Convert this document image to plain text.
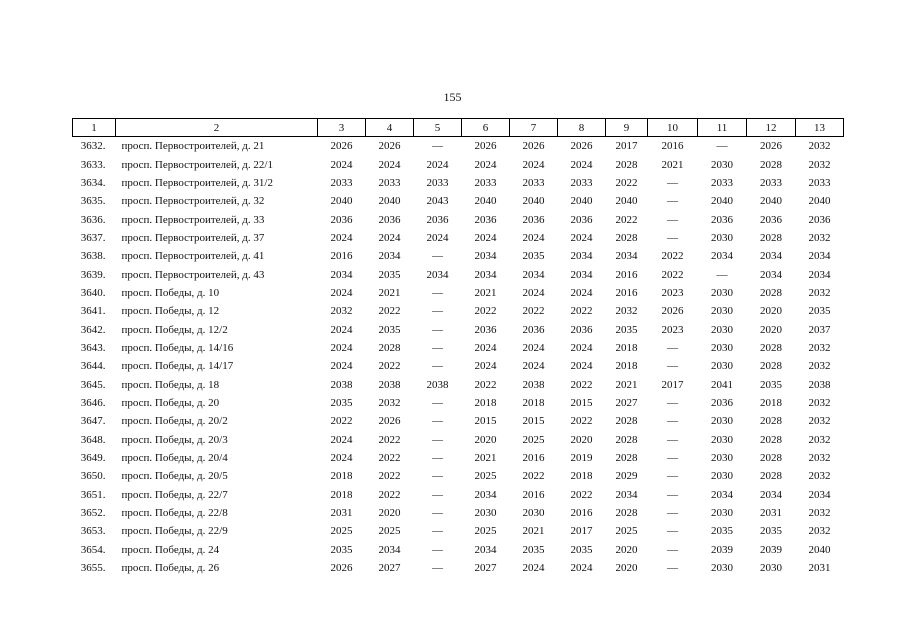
155
1	2	3	4	5	6	7	8	9	10	11	12	13
3632.	просп. Первостроителей, д. 21	2026	2026	—	2026	2026	2026	2017	2016	—	2026	2032
3633.	просп. Первостроителей, д. 22/1	2024	2024	2024	2024	2024	2024	2028	2021	2030	2028	2032
3634.	просп. Первостроителей, д. 31/2	2033	2033	2033	2033	2033	2033	2022	—	2033	2033	2033
3635.	просп. Первостроителей, д. 32	2040	2040	2043	2040	2040	2040	2040	—	2040	2040	2040
3636.	просп. Первостроителей, д. 33	2036	2036	2036	2036	2036	2036	2022	—	2036	2036	2036
3637.	просп. Первостроителей, д. 37	2024	2024	2024	2024	2024	2024	2028	—	2030	2028	2032
3638.	просп. Первостроителей, д. 41	2016	2034	—	2034	2035	2034	2034	2022	2034	2034	2034
3639.	просп. Первостроителей, д. 43	2034	2035	2034	2034	2034	2034	2016	2022	—	2034	2034
3640.	просп. Победы, д. 10	2024	2021	—	2021	2024	2024	2016	2023	2030	2028	2032
3641.	просп. Победы, д. 12	2032	2022	—	2022	2022	2022	2032	2026	2030	2020	2035
3642.	просп. Победы, д. 12/2	2024	2035	—	2036	2036	2036	2035	2023	2030	2020	2037
3643.	просп. Победы, д. 14/16	2024	2028	—	2024	2024	2024	2018	—	2030	2028	2032
3644.	просп. Победы, д. 14/17	2024	2022	—	2024	2024	2024	2018	—	2030	2028	2032
3645.	просп. Победы, д. 18	2038	2038	2038	2022	2038	2022	2021	2017	2041	2035	2038
3646.	просп. Победы, д. 20	2035	2032	—	2018	2018	2015	2027	—	2036	2018	2032
3647.	просп. Победы, д. 20/2	2022	2026	—	2015	2015	2022	2028	—	2030	2028	2032
3648.	просп. Победы, д. 20/3	2024	2022	—	2020	2025	2020	2028	—	2030	2028	2032
3649.	просп. Победы, д. 20/4	2024	2022	—	2021	2016	2019	2028	—	2030	2028	2032
3650.	просп. Победы, д. 20/5	2018	2022	—	2025	2022	2018	2029	—	2030	2028	2032
3651.	просп. Победы, д. 22/7	2018	2022	—	2034	2016	2022	2034	—	2034	2034	2034
3652.	просп. Победы, д. 22/8	2031	2020	—	2030	2030	2016	2028	—	2030	2031	2032
3653.	просп. Победы, д. 22/9	2025	2025	—	2025	2021	2017	2025	—	2035	2035	2032
3654.	просп. Победы, д. 24	2035	2034	—	2034	2035	2035	2020	—	2039	2039	2040
3655.	просп. Победы, д. 26	2026	2027	—	2027	2024	2024	2020	—	2030	2030	2031
